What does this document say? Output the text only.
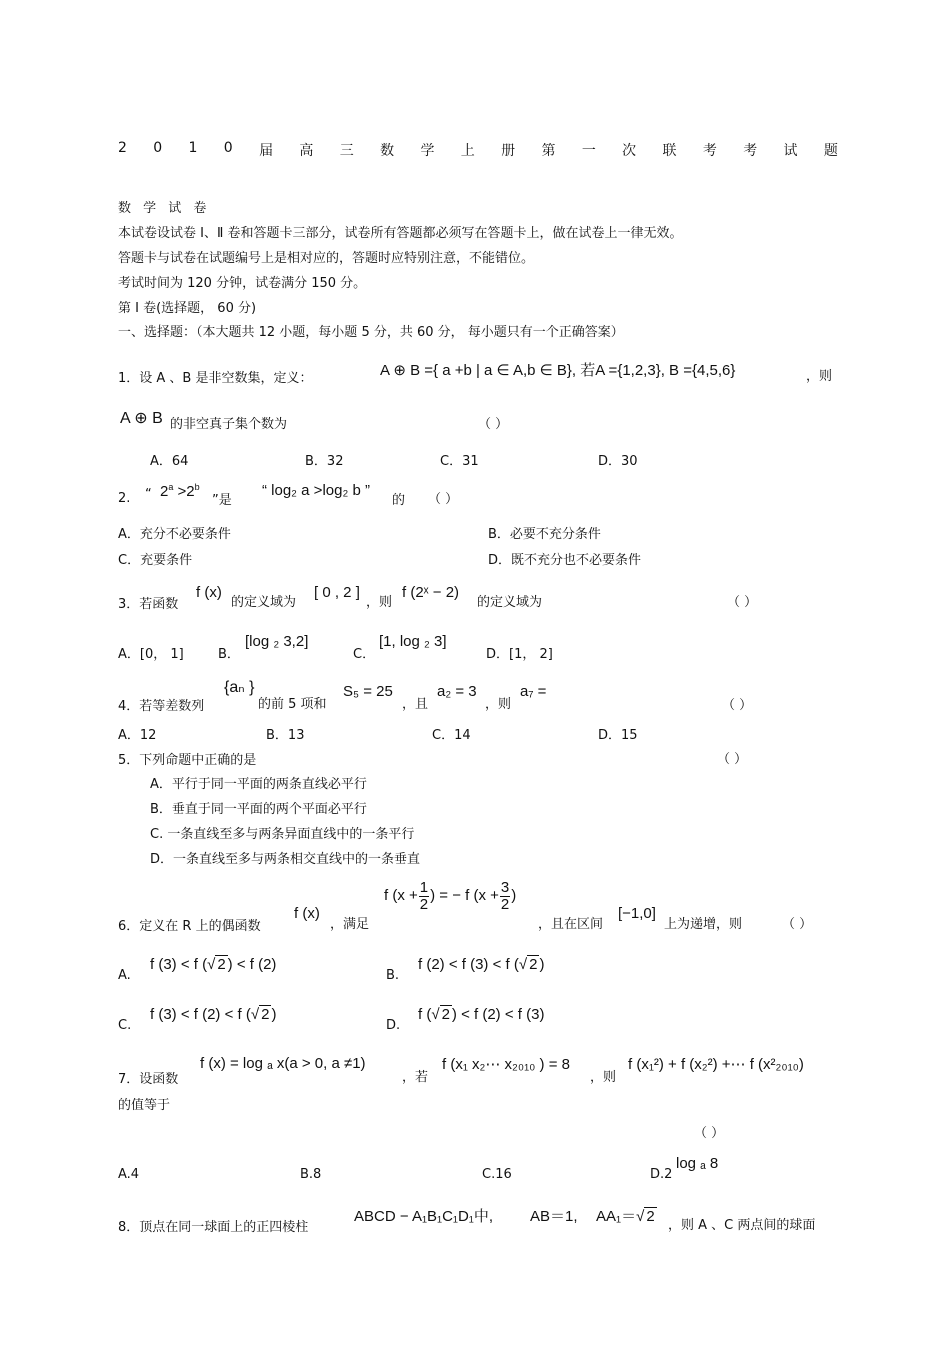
2 0 1 0 届 高 三 数 学 上 册 第 一 次 联 考 考 试 题
数 学 试 卷
本试卷设试卷 Ⅰ、Ⅱ 卷和答题卡三部分，试卷所有答题都必须写在答题卡上，做在试卷上一律无效。
答题卡与试卷在试题编号上是相对应的，答题时应特别注意，不能错位。
考试时间为 120 分钟，试卷满分 150 分。
第 Ⅰ 卷(选择题， 60 分)
一、选择题：（本大题共 12 小题，每小题 5 分，共 60 分， 每小题只有一个正确答案）
1．设 A 、B 是非空数集，定义：	A ⊕ B ={ a +b | a ∈ A,b ∈ B}, 若A ={1,2,3}, B ={4,5,6}	，则
A ⊕ B 的非空真子集个数为	（ ）
A．64	B．32	C．31	D．30
2. “ $2^a >2^b$
”是
“ log₂ a >log₂ b ”
的 （ ）
A．充分不必要条件	B．必要不充分条件
C．充要条件	D．既不充分也不必要条件
3．若函数
f (x)
的定义域为
[ 0 , 2 ]
，则
f (2ˣ − 2)
的定义域为	（ ）
A．[0， 1]	B．
[log ₂ 3,2]
C．
[1, log ₂ 3]
D．[1， 2]
4．若等差数列
{aₙ }
的前 5 项和
S₅ = 25
，且
a₂ = 3
，则
a₇ =
（ ）
A．12	B．13	C．14	D．15
5．下列命题中正确的是	（ ）
A．平行于同一平面的两条直线必平行
B．垂直于同一平面的两个平面必平行
C. 一条直线至多与两条异面直线中的一条平行
D．一条直线至多与两条相交直线中的一条垂直
6．定义在 R 上的偶函数
f (x)
，满足
f ($x + \frac{1}{2}$ ) = − f ($x + \frac{3}{2}$ )
，且在区间
[−1,0]
上为递增，则	（ ）
A.
f (3) < f (√ 2 ) < f (2)
B.
f (2) < f (3) < f (√ 2 )
C.
f (3) < f (2) < f (√ 2 )
D.
f (√ 2 ) < f (2) < f (3)
7．设函数
f (x) = log ₐ x(a > 0, a ≠1)
，若
f (x₁ x₂⋯ x₂₀₁₀ ) = 8
，则
f (x₁²) + f (x₂²) +⋯ f (x²₂₀₁₀)
的值等于
（ ）
A.4	B.8	C.16	D.2
log ₐ 8
8．顶点在同一球面上的正四棱柱
ABCD − A₁B₁C₁D₁中, AB＝1, AA₁＝√ 2
，则 A 、C 两点间的球面
